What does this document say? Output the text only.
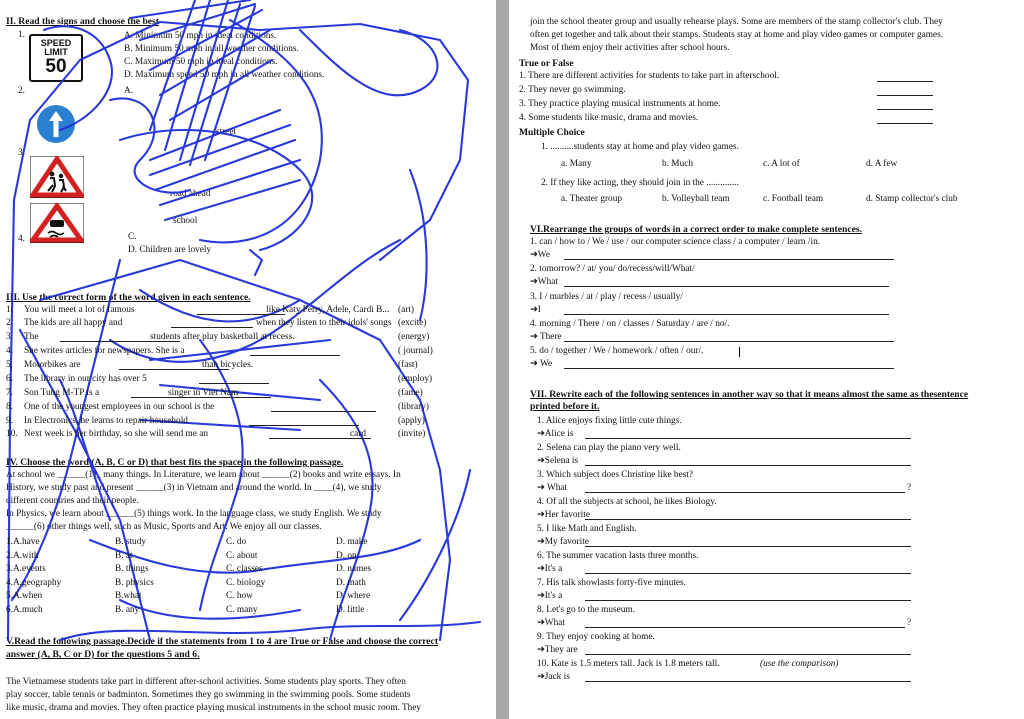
II. Read the signs and choose the best
1.
SPEED
LIMIT
50
A. Minimum 50 mph in ideal conditions.
B. Minimum 50 mph in all weather conditions.
C. Maximum 50 mph in ideal conditions.
D. Maximum speed 50 mph in all weather conditions.
2.	A.
street
3.
road ahead
4.
school
C.
D. Children are lovely
III. Use the correct form of the word given in each sentence.
IV. Choose the word (A, B, C or D) that best fits the space in the following passage.
At school we ______(1)_ many things. In Literature, we learn about ______(2) books and write essays. In
History, we study past and present ______(3) in Vietnam and around the world. In ____(4), we study
different countries and their people.
In Physics, we learn about ______(5) things work. In the language class, we study English. We study
______(6) other things well, such as Music, Sports and Art. We enjoy all our classes.
V.Read the following passage.Decide if the statements from 1 to 4 are True or False and choose the correct
answer (A, B, C or D) for the questions 5 and 6.
The Vietnamese students take part in different after-school activities. Some students play sports. They often
play soccer, table tennis or badminton. Sometimes they go swimming in the swimming pools. Some students
like music, drama and movies. They often practice playing musical instruments in the school music room. They
1. You will meet a lot of famous	like Katy Perry, Adele, Cardi B... (art)
2. The kids are all happy and	when they listen to their idols' songs (excite)
3. The	students after play basketball at recess.	(energy)
4. She writes articles for newspapers. She is a	( journal)
5. Motorbikes are	than bicycles.	(fast)
6. The library in our city has over 5	(employ)
7. Son Tung M-TP is a	singer in Viet Nam	(fame)
8. One of the youngest employees in our school is the	(library)
9. In Electronics, he learns to repair household	(apply)
10. Next week is her birthday, so she will send me an	card	(invite)
1.A.have	B. study	C. do	D. make
2.A.with	B. at	C. about	D. on
3.A.events	B. things	C. classes	D. names
4.A.geography	B. physics	C. biology	D. math
5.A.when	B.what	C. how	D. where
6.A.much	B. any	C. many	D. little
join the school theater group and usually rehearse plays. Some are members of the stamp collector's club. They
often get together and talk about their stamps. Students stay at home and play video games or computer games.
Most of them enjoy their activities after school hours.
True or False
Multiple Choice
1. ..........students stay at home and play video games.
a. Many	b. Much	c. A lot of	d. A few
2. If they like acting, they should join in the ..............
a. Theater group	b. Volleyball team	c. Football team	d. Stamp collector's club
VI.Rearrange the groups of words in a correct order to make complete sentences.
VII. Rewrite each of the following sentences in another way so that it means almost the same as thesentence
printed before it.
1. There are different activities for students to take part in afterschool.
2. They never go swimming.
3. They practice playing musical instruments at home.
4. Some students like music, drama and movies.
1. can / how to / We / use / our computer science class / a computer / learn /in.
➔We
2. tomorrow? / at/ you/ do/recess/will/What/
➔What
3. I / marbles / at / play / recess / usually/
➔I
4. morning / There / on / classes / Saturday / are / no/.
➔ There
5. do / together / We / homework / often / our/.
➔ We
1. Alice enjoys fixing little cute things.
➔Alice is
2. Selena can play the piano very well.
➔Selena is
3. Which subject does Christine like best?
➔ What	?
4. Of all the subjects at school, he likes Biology.
➔Her favorite
5. I like Math and English.
➔My favorite
6. The summer vacation lasts three months.
➔It's a
7. His talk showlasts forty-five minutes.
➔It's a
8. Let's go to the museum.
➔What	?
9. They enjoy cooking at home.
➔They are
10. Kate is 1.5 meters tall. Jack is 1.8 meters tall.	(use the comparison)
➔Jack is
